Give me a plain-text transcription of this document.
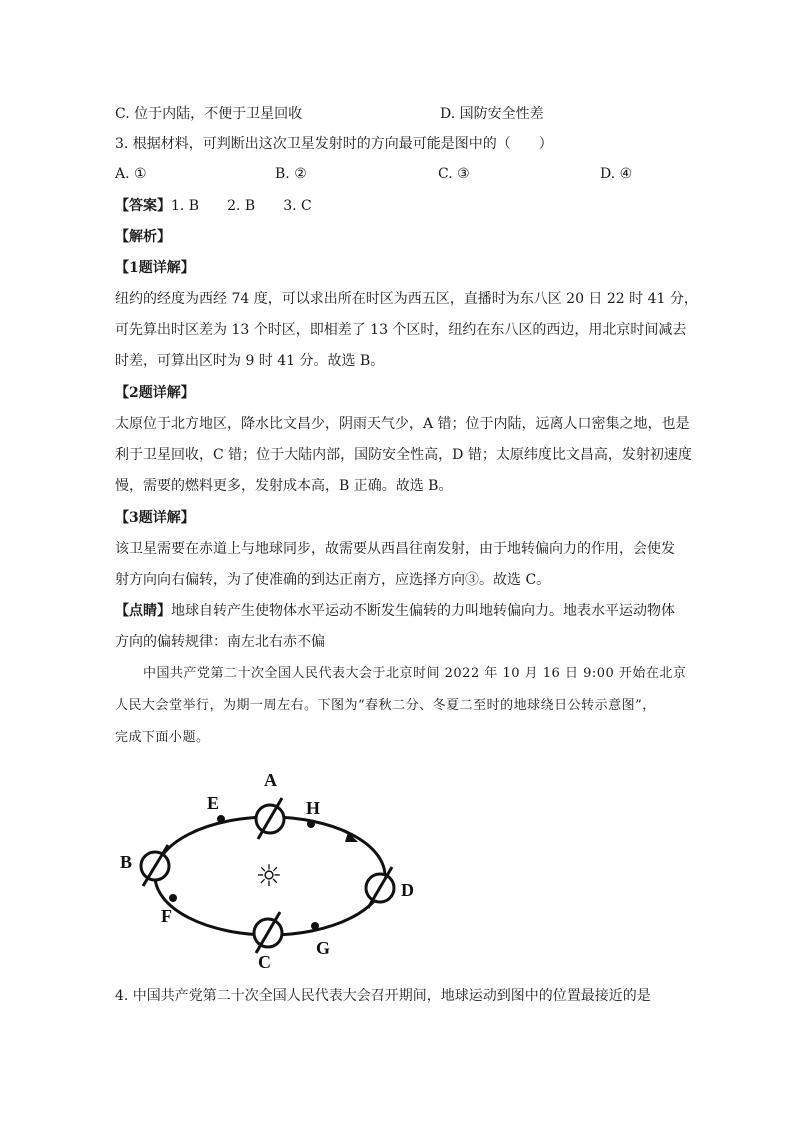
C. 位于内陆，不便于卫星回收	D. 国防安全性差
3. 根据材料，可判断出这次卫星发射时的方向最可能是图中的（　　）
A. ①	B. ②	C. ③	D. ④
【答案】1. B　　2. B　　3. C
【解析】
【1题详解】
纽约的经度为西经 74 度，可以求出所在时区为西五区，直播时为东八区 20 日 22 时 41 分，
可先算出时区差为 13 个时区，即相差了 13 个区时，纽约在东八区的西边，用北京时间减去
时差，可算出区时为 9 时 41 分。故选 B。
【2题详解】
太原位于北方地区，降水比文昌少，阴雨天气少，A 错；位于内陆，远离人口密集之地，也是
利于卫星回收，C 错；位于大陆内部，国防安全性高，D 错；太原纬度比文昌高，发射初速度
慢，需要的燃料更多，发射成本高，B 正确。故选 B。
【3题详解】
该卫星需要在赤道上与地球同步，故需要从西昌往南发射，由于地转偏向力的作用，会使发
射方向向右偏转，为了使准确的到达正南方，应选择方向③。故选 C。
【点睛】地球自转产生使物体水平运动不断发生偏转的力叫地转偏向力。地表水平运动物体
方向的偏转规律：南左北右赤不偏
中国共产党第二十次全国人民代表大会于北京时间 2022 年 10 月 16 日 9:00 开始在北京
人民大会堂举行，为期一周左右。下图为“春秋二分、冬夏二至时的地球绕日公转示意图”，
完成下面小题。
☼
A
B
C
D
E
F
G
H
4. 中国共产党第二十次全国人民代表大会召开期间，地球运动到图中的位置最接近的是
